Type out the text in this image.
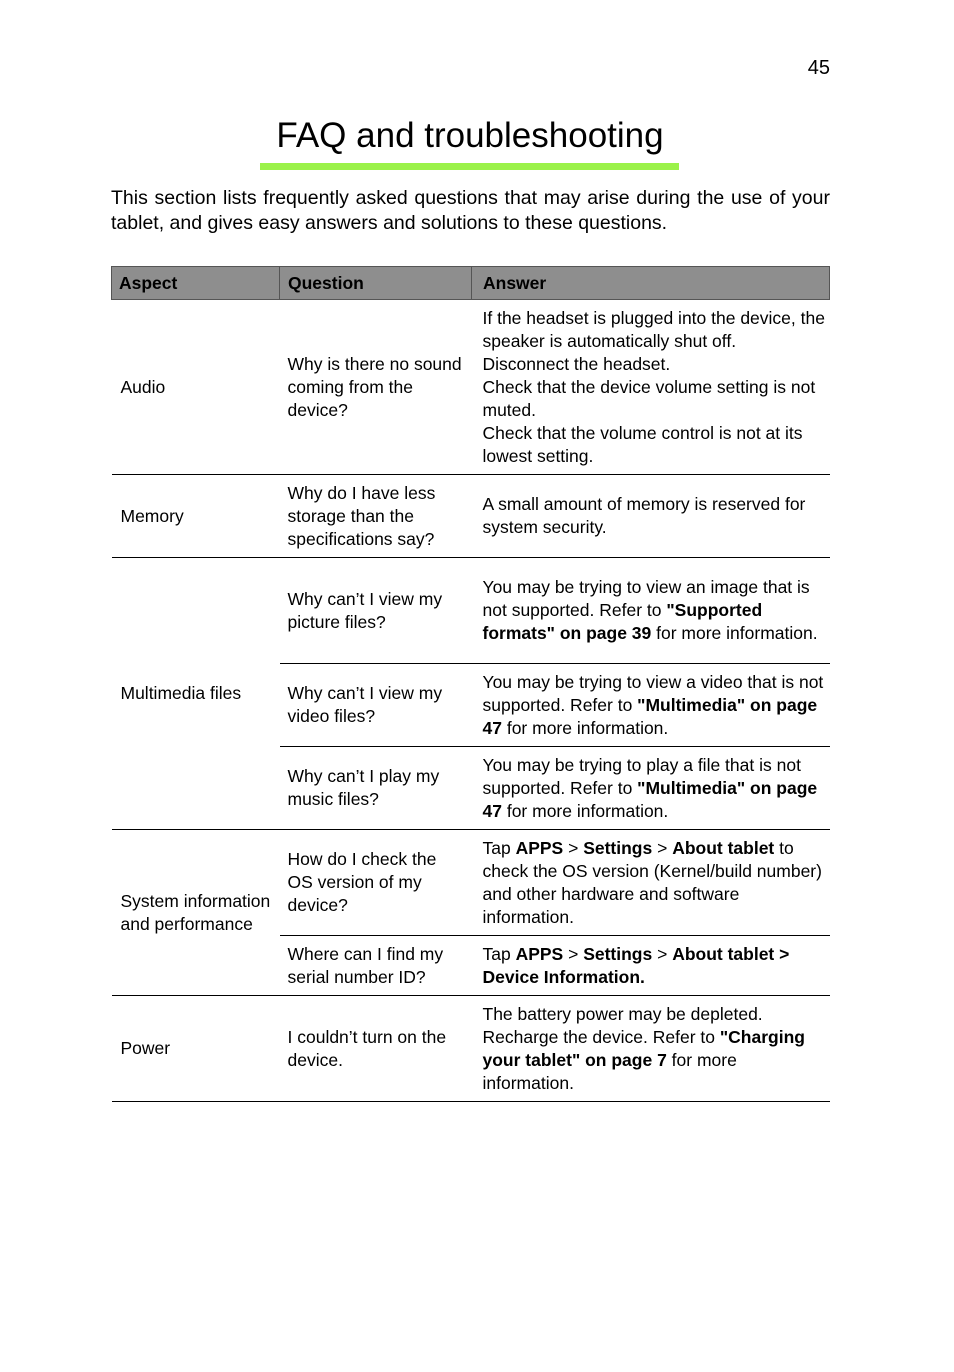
45
FAQ and troubleshooting

This section lists frequently asked questions that may arise during the use of your tablet, and gives easy answers and solutions to these questions.

Aspect	Question	Answer
Audio	Why is there no sound coming from the device?	If the headset is plugged into the device, the speaker is automatically shut off. Disconnect the headset.
Check that the device volume setting is not muted.
Check that the volume control is not at its lowest setting.

Memory	Why do I have less storage than the specifications say?	A small amount of memory is reserved for system security.
Multimedia files	Why can’t I view my picture files?	You may be trying to view an image that is not supported. Refer to "Supported formats" on page 39 for more information.
	Why can’t I view my video files?	You may be trying to view a video that is not supported. Refer to "Multimedia" on page 47 for more information.
	Why can’t I play my music files?	You may be trying to play a file that is not supported. Refer to "Multimedia" on page 47 for more information.
System information and performance	How do I check the OS version of my device?	Tap APPS > Settings > About tablet to check the OS version (Kernel/build number) and other hardware and software information.
	Where can I find my serial number ID?	Tap APPS > Settings > About tablet > Device Information.
Power	I couldn’t turn on the device.	The battery power may be depleted. Recharge the device. Refer to "Charging your tablet" on page 7 for more information.
